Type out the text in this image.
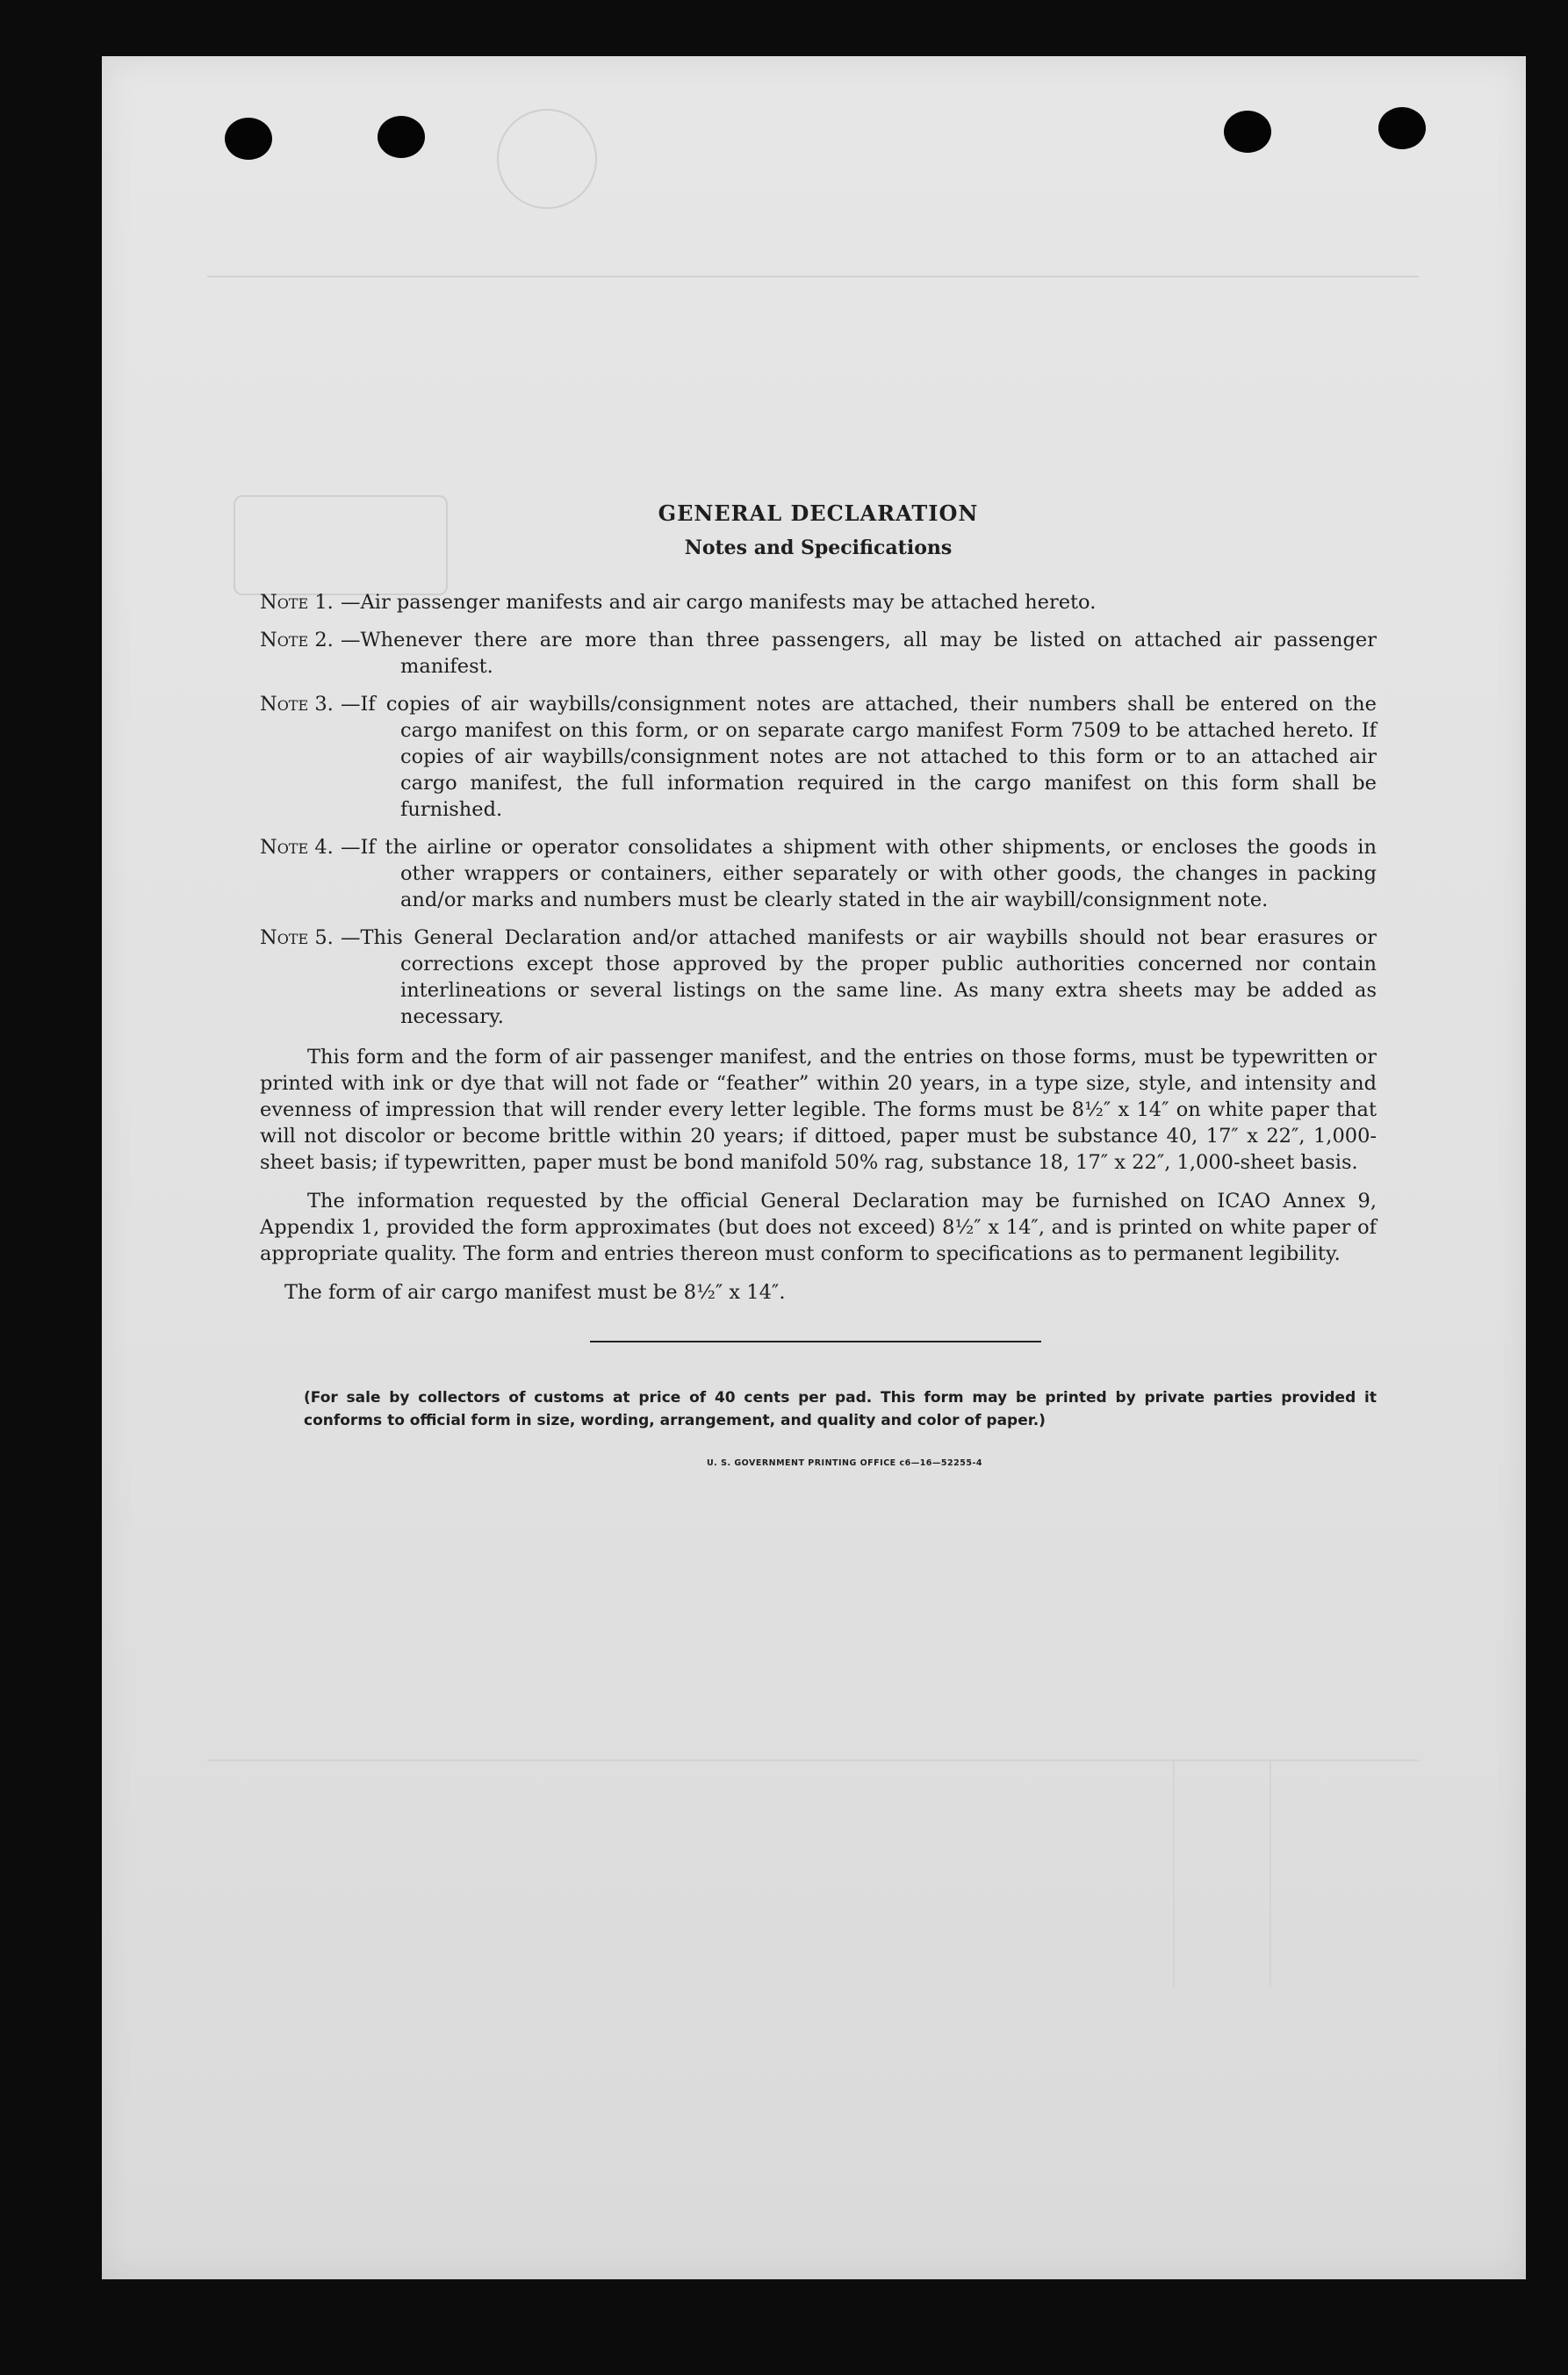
GENERAL DECLARATION
Notes and Specifications
Note 1. —Air passenger manifests and air cargo manifests may be attached hereto.
Note 2. —Whenever there are more than three passengers, all may be listed on attached air passenger manifest.
Note 3. —If copies of air waybills/consignment notes are attached, their numbers shall be entered on the cargo manifest on this form, or on separate cargo manifest Form 7509 to be attached hereto. If copies of air waybills/consignment notes are not attached to this form or to an attached air cargo manifest, the full information required in the cargo manifest on this form shall be furnished.
Note 4. —If the airline or operator consolidates a shipment with other shipments, or encloses the goods in other wrappers or containers, either separately or with other goods, the changes in packing and/or marks and numbers must be clearly stated in the air waybill/consignment note.
Note 5. —This General Declaration and/or attached manifests or air waybills should not bear erasures or corrections except those approved by the proper public authorities concerned nor contain interlineations or several listings on the same line. As many extra sheets may be added as necessary.
This form and the form of air passenger manifest, and the entries on those forms, must be typewritten or printed with ink or dye that will not fade or “feather” within 20 years, in a type size, style, and intensity and evenness of impression that will render every letter legible. The forms must be 8½″ x 14″ on white paper that will not discolor or become brittle within 20 years; if dittoed, paper must be substance 40, 17″ x 22″, 1,000-sheet basis; if typewritten, paper must be bond manifold 50% rag, substance 18, 17″ x 22″, 1,000-sheet basis.
The information requested by the official General Declaration may be furnished on ICAO Annex 9, Appendix 1, provided the form approximates (but does not exceed) 8½″ x 14″, and is printed on white paper of appropriate quality. The form and entries thereon must conform to specifications as to permanent legibility.
The form of air cargo manifest must be 8½″ x 14″.
(For sale by collectors of customs at price of 40 cents per pad. This form may be printed by private parties provided it conforms to official form in size, wording, arrangement, and quality and color of paper.)
U. S. GOVERNMENT PRINTING OFFICE c6—16—52255-4
